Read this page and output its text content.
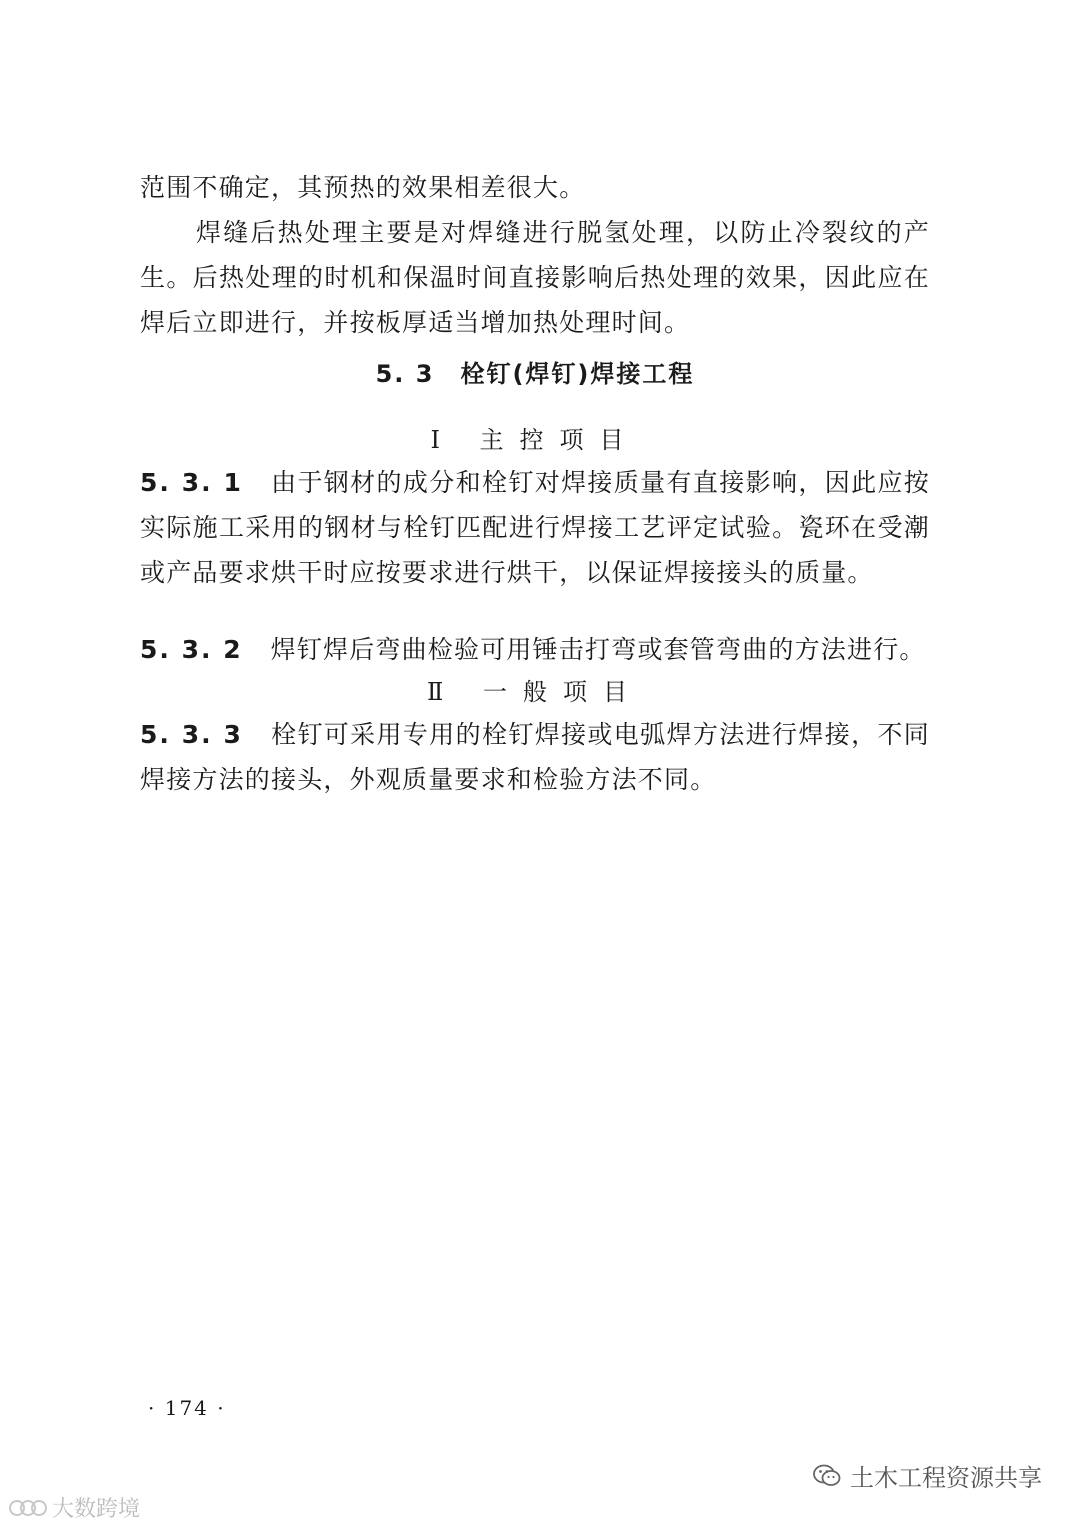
范围不确定，其预热的效果相差很大。
焊缝后热处理主要是对焊缝进行脱氢处理，以防止冷裂纹的产生。后热处理的时机和保温时间直接影响后热处理的效果，因此应在焊后立即进行，并按板厚适当增加热处理时间。
5. 3 栓钉(焊钉)焊接工程
Ⅰ 主控项目
5. 3. 1 由于钢材的成分和栓钉对焊接质量有直接影响，因此应按实际施工采用的钢材与栓钉匹配进行焊接工艺评定试验。瓷环在受潮或产品要求烘干时应按要求进行烘干，以保证焊接接头的质量。
5. 3. 2 焊钉焊后弯曲检验可用锤击打弯或套管弯曲的方法进行。
Ⅱ 一般项目
5. 3. 3 栓钉可采用专用的栓钉焊接或电弧焊方法进行焊接，不同焊接方法的接头，外观质量要求和检验方法不同。
· 174 ·
土木工程资源共享
大数跨境
